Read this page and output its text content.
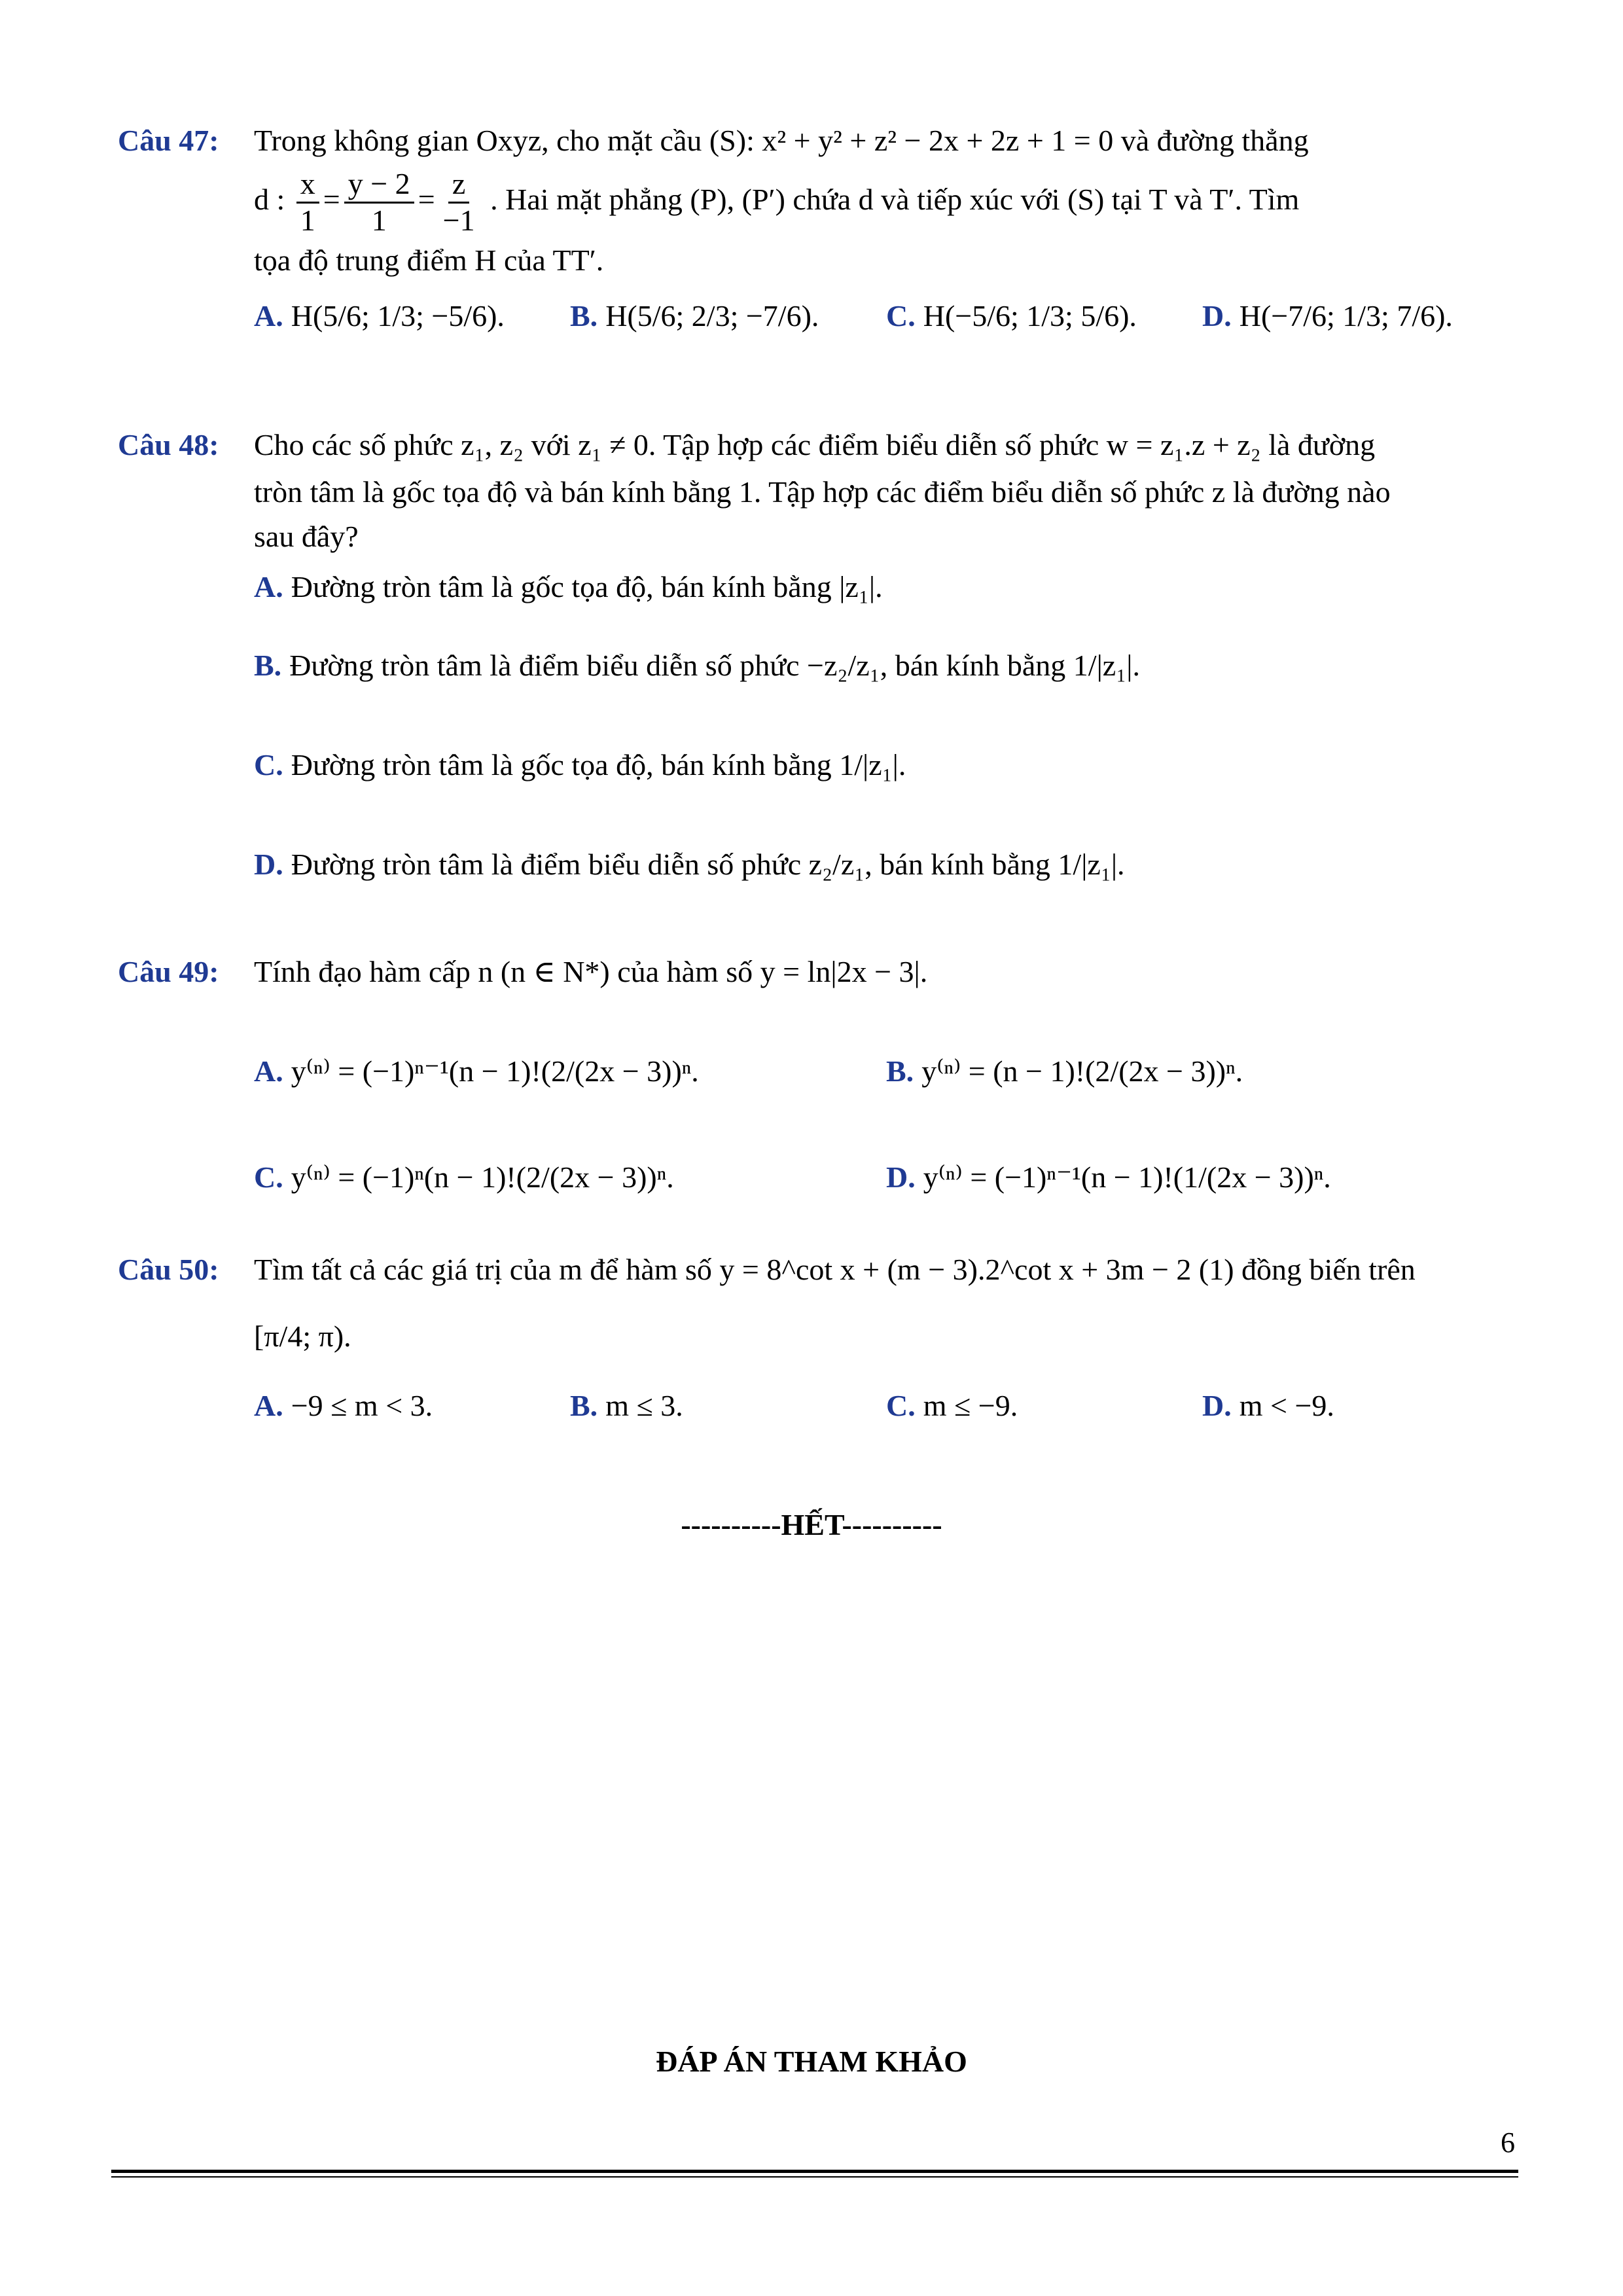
Câu 47: Trong không gian Oxyz, cho mặt cầu (S): x² + y² + z² − 2x + 2z + 1 = 0 và đường thẳng
d : $\frac{x}{1} = \frac{y - 2}{1} = \frac{z}{-1}$ . Hai mặt phẳng (P), (P′) chứa d và tiếp xúc với (S) tại T và T′. Tìm
tọa độ trung điểm H của TT′.
A. H(5/6; 1/3; −5/6).	B. H(5/6; 2/3; −7/6).	C. H(−5/6; 1/3; 5/6).	D. H(−7/6; 1/3; 7/6).
Câu 48: Cho các số phức z₁, z₂ với z₁ ≠ 0. Tập hợp các điểm biểu diễn số phức w = z₁.z + z₂ là đường
tròn tâm là gốc tọa độ và bán kính bằng 1. Tập hợp các điểm biểu diễn số phức z là đường nào
sau đây?
A. Đường tròn tâm là gốc tọa độ, bán kính bằng |z₁|.
B. Đường tròn tâm là điểm biểu diễn số phức −z₂/z₁, bán kính bằng 1/|z₁|.
C. Đường tròn tâm là gốc tọa độ, bán kính bằng 1/|z₁|.
D. Đường tròn tâm là điểm biểu diễn số phức z₂/z₁, bán kính bằng 1/|z₁|.
Câu 49: Tính đạo hàm cấp n (n ∈ N*) của hàm số y = ln|2x − 3|.
A. y⁽ⁿ⁾ = (−1)ⁿ⁻¹(n − 1)!(2/(2x − 3))ⁿ.	B. y⁽ⁿ⁾ = (n − 1)!(2/(2x − 3))ⁿ.
C. y⁽ⁿ⁾ = (−1)ⁿ(n − 1)!(2/(2x − 3))ⁿ.	D. y⁽ⁿ⁾ = (−1)ⁿ⁻¹(n − 1)!(1/(2x − 3))ⁿ.
Câu 50: Tìm tất cả các giá trị của m để hàm số y = 8^cot x + (m − 3).2^cot x + 3m − 2 (1) đồng biến trên
[π/4; π).
A. −9 ≤ m < 3.	B. m ≤ 3.	C. m ≤ −9.	D. m < −9.
----------HẾT----------
ĐÁP ÁN THAM KHẢO
6
